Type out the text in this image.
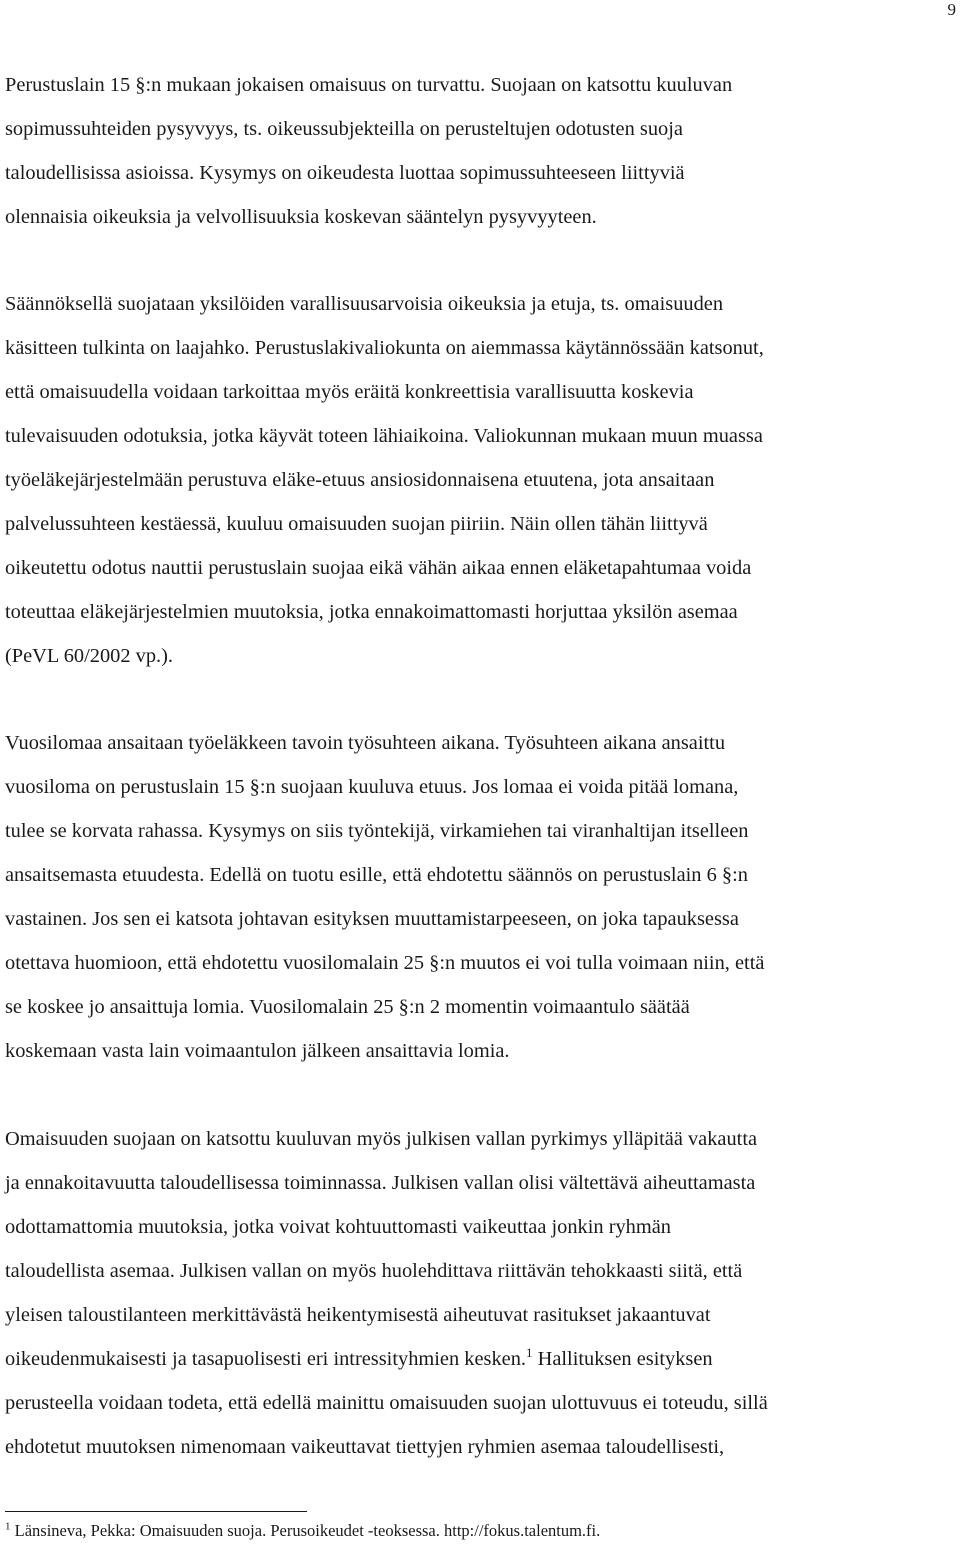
9

Perustuslain 15 §:n mukaan jokaisen omaisuus on turvattu. Suojaan on katsottu kuuluvan
sopimussuhteiden pysyvyys, ts. oikeussubjekteilla on perusteltujen odotusten suoja
taloudellisissa asioissa. Kysymys on oikeudesta luottaa sopimussuhteeseen liittyviä
olennaisia oikeuksia ja velvollisuuksia koskevan sääntelyn pysyvyyteen.

Säännöksellä suojataan yksilöiden varallisuusarvoisia oikeuksia ja etuja, ts. omaisuuden
käsitteen tulkinta on laajahko. Perustuslakivaliokunta on aiemmassa käytännössään katsonut,
että omaisuudella voidaan tarkoittaa myös eräitä konkreettisia varallisuutta koskevia
tulevaisuuden odotuksia, jotka käyvät toteen lähiaikoina. Valiokunnan mukaan muun muassa
työeläkejärjestelmään perustuva eläke-etuus ansiosidonnaisena etuutena, jota ansaitaan
palvelussuhteen kestäessä, kuuluu omaisuuden suojan piiriin. Näin ollen tähän liittyvä
oikeutettu odotus nauttii perustuslain suojaa eikä vähän aikaa ennen eläketapahtumaa voida
toteuttaa eläkejärjestelmien muutoksia, jotka ennakoimattomasti horjuttaa yksilön asemaa
(PeVL 60/2002 vp.).

Vuosilomaa ansaitaan työeläkkeen tavoin työsuhteen aikana. Työsuhteen aikana ansaittu
vuosiloma on perustuslain 15 §:n suojaan kuuluva etuus. Jos lomaa ei voida pitää lomana,
tulee se korvata rahassa. Kysymys on siis työntekijä, virkamiehen tai viranhaltijan itselleen
ansaitsemasta etuudesta. Edellä on tuotu esille, että ehdotettu säännös on perustuslain 6 §:n
vastainen. Jos sen ei katsota johtavan esityksen muuttamistarpeeseen, on joka tapauksessa
otettava huomioon, että ehdotettu vuosilomalain 25 §:n muutos ei voi tulla voimaan niin, että
se koskee jo ansaittuja lomia. Vuosilomalain 25 §:n 2 momentin voimaantulo säätää
koskemaan vasta lain voimaantulon jälkeen ansaittavia lomia.

Omaisuuden suojaan on katsottu kuuluvan myös julkisen vallan pyrkimys ylläpitää vakautta
ja ennakoitavuutta taloudellisessa toiminnassa. Julkisen vallan olisi vältettävä aiheuttamasta
odottamattomia muutoksia, jotka voivat kohtuuttomasti vaikeuttaa jonkin ryhmän
taloudellista asemaa. Julkisen vallan on myös huolehdittava riittävän tehokkaasti siitä, että
yleisen taloustilanteen merkittävästä heikentymisestä aiheutuvat rasitukset jakaantuvat
oikeudenmukaisesti ja tasapuolisesti eri intressityhmien kesken.$^1$ Hallituksen esityksen
perusteella voidaan todeta, että edellä mainittu omaisuuden suojan ulottuvuus ei toteudu, sillä
ehdotetut muutoksen nimenomaan vaikeuttavat tiettyjen ryhmien asemaa taloudellisesti,

$^1$ Länsineva, Pekka: Omaisuuden suoja. Perusoikeudet -teoksessa. http://fokus.talentum.fi.
